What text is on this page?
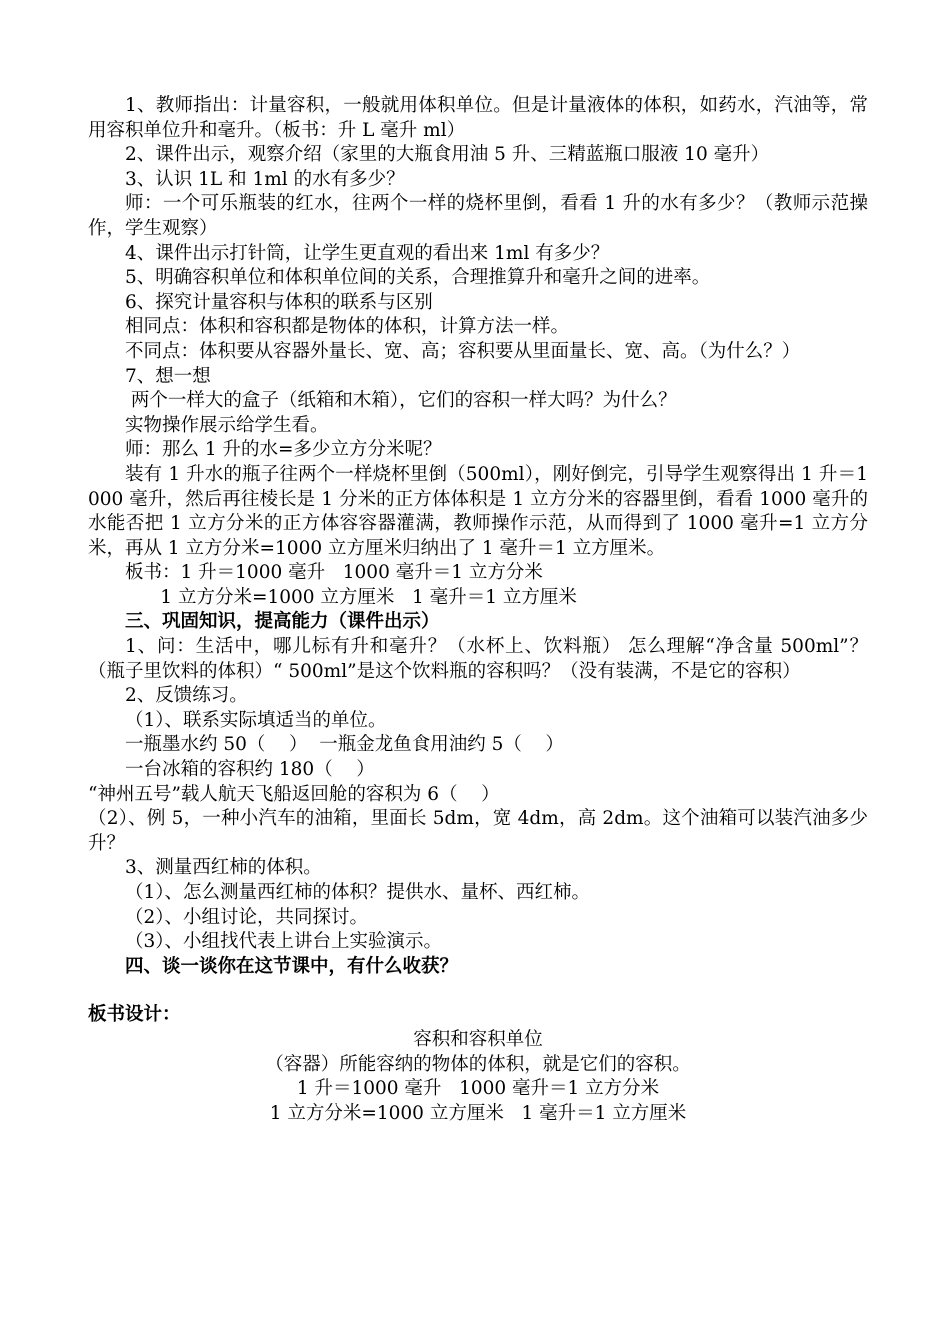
1、教师指出：计量容积，一般就用体积单位。但是计量液体的体积，如药水，汽油等，常用容积单位升和毫升。（板书：升 L 毫升 ml）

2、课件出示，观察介绍（家里的大瓶食用油 5 升、三精蓝瓶口服液 10 毫升）

3、认识 1L 和 1ml 的水有多少？

师：一个可乐瓶装的红水，往两个一样的烧杯里倒，看看 1 升的水有多少？（教师示范操作，学生观察）

4、课件出示打针筒，让学生更直观的看出来 1ml 有多少？

5、明确容积单位和体积单位间的关系，合理推算升和毫升之间的进率。

6、探究计量容积与体积的联系与区别

相同点：体积和容积都是物体的体积，计算方法一样。

不同点：体积要从容器外量长、宽、高；容积要从里面量长、宽、高。（为什么？）

7、想一想

两个一样大的盒子（纸箱和木箱），它们的容积一样大吗？为什么？

实物操作展示给学生看。

师：那么 1 升的水=多少立方分米呢？

装有 1 升水的瓶子往两个一样烧杯里倒（500ml），刚好倒完，引导学生观察得出 1 升＝1000 毫升，然后再往棱长是 1 分米的正方体体积是 1 立方分米的容器里倒，看看 1000 毫升的水能否把 1 立方分米的正方体容容器灌满，教师操作示范，从而得到了 1000 毫升=1 立方分米，再从 1 立方分米=1000 立方厘米归纳出了 1 毫升＝1 立方厘米。

板书：1 升＝1000 毫升   1000 毫升＝1 立方分米

1 立方分米=1000 立方厘米   1 毫升＝1 立方厘米

三、巩固知识，提高能力（课件出示）

1、问：生活中，哪儿标有升和毫升？（水杯上、饮料瓶） 怎么理解“净含量 500ml”？（瓶子里饮料的体积）“ 500ml”是这个饮料瓶的容积吗？（没有装满，不是它的容积）

2、反馈练习。

（1）、联系实际填适当的单位。

一瓶墨水约 50（    ）  一瓶金龙鱼食用油约 5（    ）

一台冰箱的容积约 180（    ）

“神州五号”载人航天飞船返回舱的容积为 6（    ）

（2）、例 5，一种小汽车的油箱，里面长 5dm，宽 4dm，高 2dm。这个油箱可以装汽油多少升？

3、测量西红柿的体积。

（1）、怎么测量西红柿的体积？提供水、量杯、西红柿。

（2）、小组讨论，共同探讨。

（3）、小组找代表上讲台上实验演示。

四、谈一谈你在这节课中，有什么收获？

板书设计：

容积和容积单位

（容器）所能容纳的物体的体积，就是它们的容积。

1 升＝1000 毫升   1000 毫升＝1 立方分米

1 立方分米=1000 立方厘米   1 毫升＝1 立方厘米
